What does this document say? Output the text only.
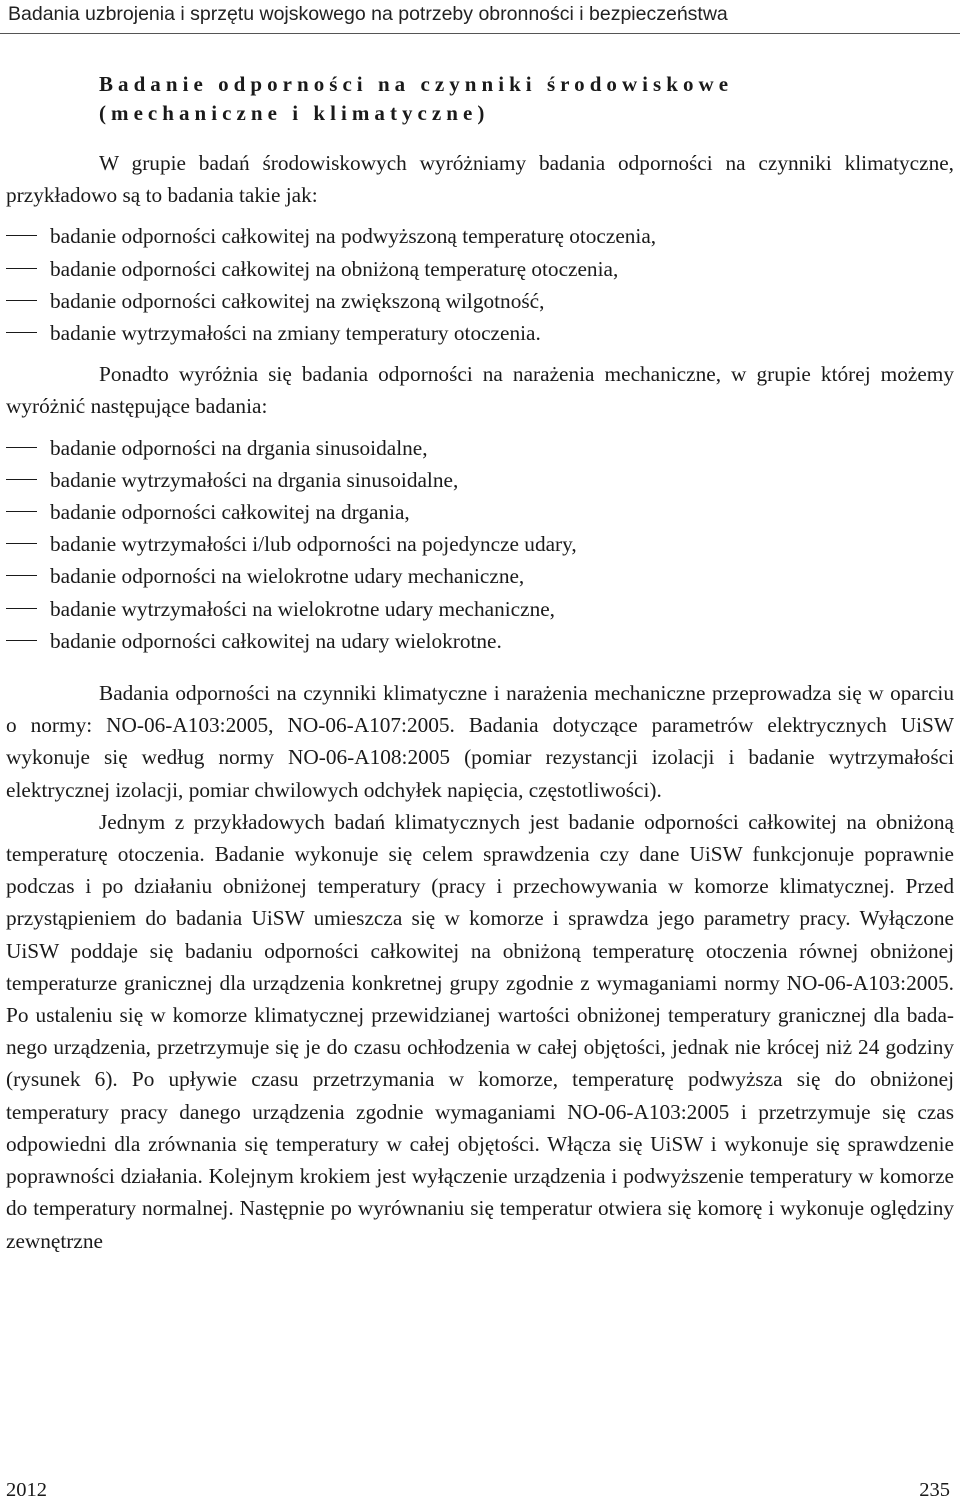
Badania uzbrojenia i sprzętu wojskowego na potrzeby obronności i bezpieczeństwa
Badanie odporności na czynniki środowiskowe
(mechaniczne i klimatyczne)

W grupie badań środowiskowych wyróżniamy badania odporności na czynniki klimatyczne, przykładowo są to badania takie jak:

badanie odporności całkowitej na podwyższoną temperaturę otoczenia,
badanie odporności całkowitej na obniżoną temperaturę otoczenia,
badanie odporności całkowitej na zwiększoną wilgotność,
badanie wytrzymałości na zmiany temperatury otoczenia.

Ponadto wyróżnia się badania odporności na narażenia mechaniczne, w grupie której możemy wyróżnić następujące badania:

badanie odporności na drgania sinusoidalne,
badanie wytrzymałości na drgania sinusoidalne,
badanie odporności całkowitej na drgania,
badanie wytrzymałości i/lub odporności na pojedyncze udary,
badanie odporności na wielokrotne udary mechaniczne,
badanie wytrzymałości na wielokrotne udary mechaniczne,
badanie odporności całkowitej na udary wielokrotne.

Badania odporności na czynniki klimatyczne i narażenia mechaniczne przeprowadza się w oparciu o normy: NO-06-A103:2005, NO-06-A107:2005. Badania dotyczące parametrów elektrycznych UiSW wykonuje się według normy NO-06-A108:2005 (pomiar rezystancji izolacji i badanie wytrzymałości elektrycznej izolacji, pomiar chwilowych odchyłek napięcia, częstotliwości).

Jednym z przykładowych badań klimatycznych jest badanie odporności całkowitej na obniżoną temperaturę otoczenia. Badanie wykonuje się celem sprawdzenia czy dane UiSW funkcjonuje poprawnie podczas i po działaniu obniżonej temperatury (pracy i przechowywania w komorze klimatycznej. Przed przystąpieniem do badania UiSW umieszcza się w komorze i sprawdza jego parametry pracy. Wyłączone UiSW poddaje się badaniu odporności całkowitej na obniżoną temperaturę otoczenia równej obniżonej temperaturze granicznej dla urządzenia konkretnej grupy zgodnie z wymaganiami normy NO-06-A103:2005. Po ustaleniu się w komorze klimatycznej przewidzianej wartości obniżonej temperatury granicznej dla badanego urządzenia, przetrzymuje się je do czasu ochłodzenia w całej objętości, jednak nie krócej niż 24 godziny (rysunek 6). Po upływie czasu przetrzymania w komorze, temperaturę podwyższa się do obniżonej temperatury pracy danego urządzenia zgodnie wymaganiami NO-06-A103:2005 i przetrzymuje się czas odpowiedni dla zrównania się temperatury w całej objętości. Włącza się UiSW i wykonuje się sprawdzenie poprawności działania. Kolejnym krokiem jest wyłączenie urządzenia i podwyższenie temperatury w komorze do temperatury normalnej. Następnie po wyrównaniu się temperatur otwiera się komorę i wykonuje oględziny zewnętrzne

2012	235
